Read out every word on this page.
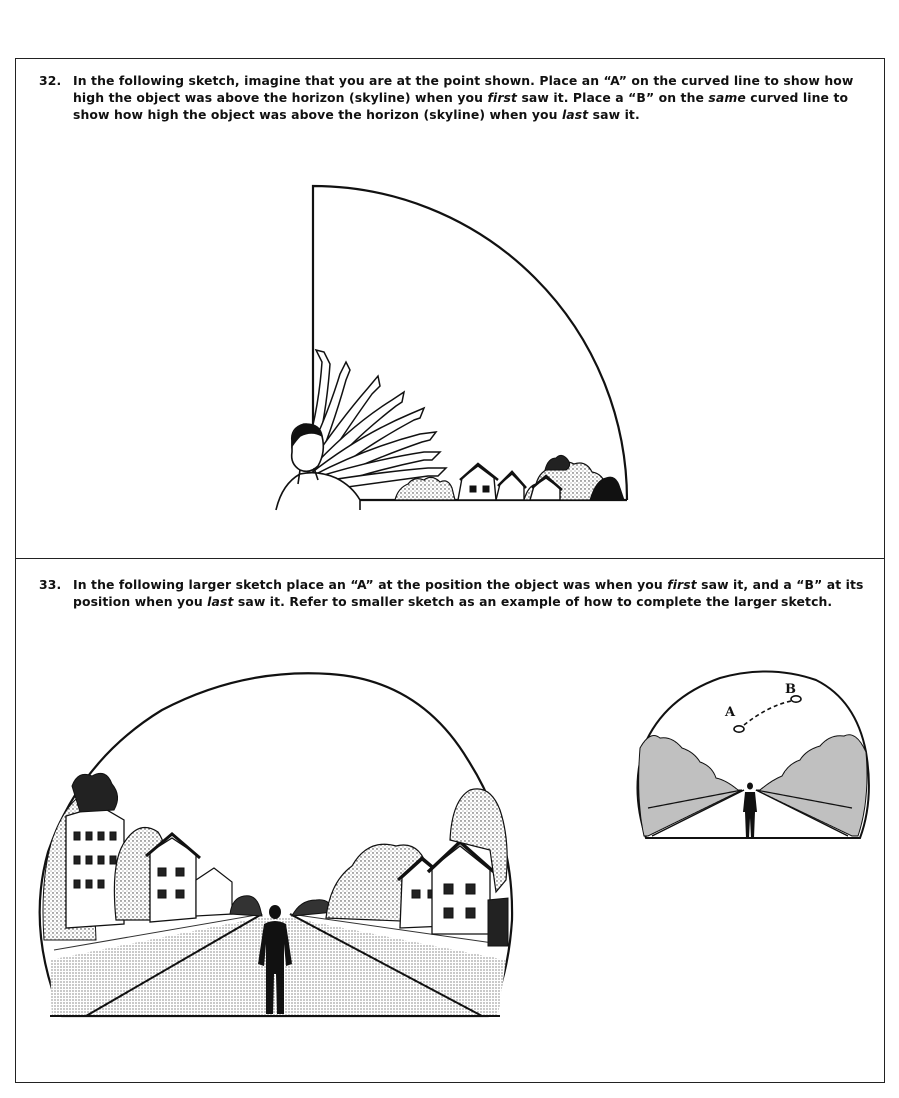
32. In the following sketch, imagine that you are at the point shown. Place an “A” on the curved line to show how high the object was above the horizon (skyline) when you first saw it. Place a “B” on the same curved line to show how high the object was above the horizon (skyline) when you last saw it.
33. In the following larger sketch place an “A” at the position the object was when you first saw it, and a “B” at its position when you last saw it. Refer to smaller sketch as an example of how to complete the larger sketch.
A
B
